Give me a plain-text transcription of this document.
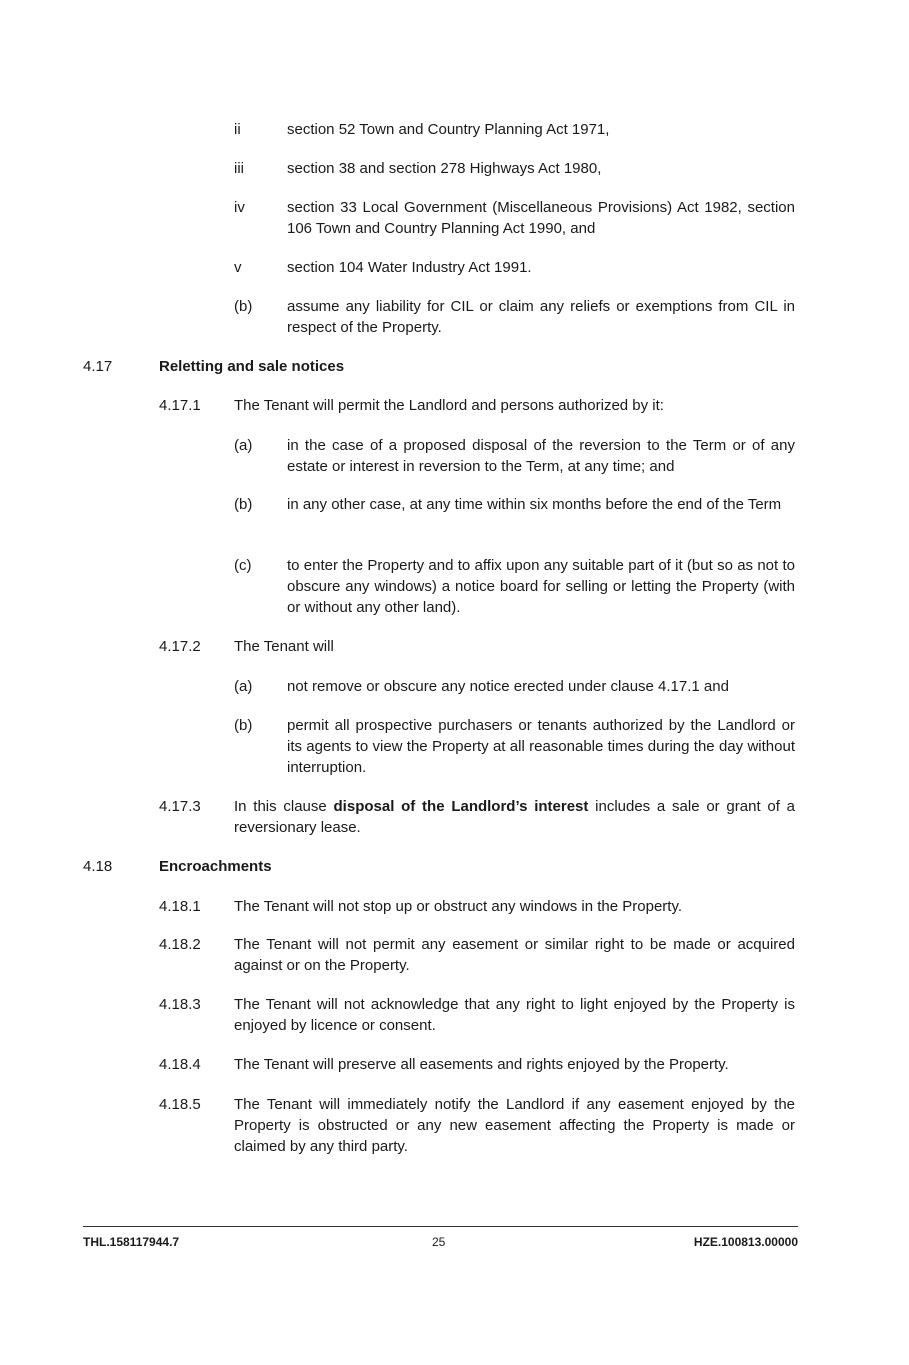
ii	section 52 Town and Country Planning Act 1971,
iii	section 38 and section 278 Highways Act 1980,
iv	section 33 Local Government (Miscellaneous Provisions) Act 1982, section 106 Town and Country Planning Act 1990, and
v	section 104 Water Industry Act 1991.
(b) assume any liability for CIL or claim any reliefs or exemptions from CIL in respect of the Property.
4.17	Reletting and sale notices
4.17.1 The Tenant will permit the Landlord and persons authorized by it:
(a) in the case of a proposed disposal of the reversion to the Term or of any estate or interest in reversion to the Term, at any time; and
(b) in any other case, at any time within six months before the end of the Term
(c) to enter the Property and to affix upon any suitable part of it (but so as not to obscure any windows) a notice board for selling or letting the Property (with or without any other land).
4.17.2 The Tenant will
(a) not remove or obscure any notice erected under clause 4.17.1 and
(b) permit all prospective purchasers or tenants authorized by the Landlord or its agents to view the Property at all reasonable times during the day without interruption.
4.17.3 In this clause disposal of the Landlord’s interest includes a sale or grant of a reversionary lease.
4.18	Encroachments
4.18.1 The Tenant will not stop up or obstruct any windows in the Property.
4.18.2 The Tenant will not permit any easement or similar right to be made or acquired against or on the Property.
4.18.3 The Tenant will not acknowledge that any right to light enjoyed by the Property is enjoyed by licence or consent.
4.18.4 The Tenant will preserve all easements and rights enjoyed by the Property.
4.18.5 The Tenant will immediately notify the Landlord if any easement enjoyed by the Property is obstructed or any new easement affecting the Property is made or claimed by any third party.
THL.158117944.7	25	HZE.100813.00000
